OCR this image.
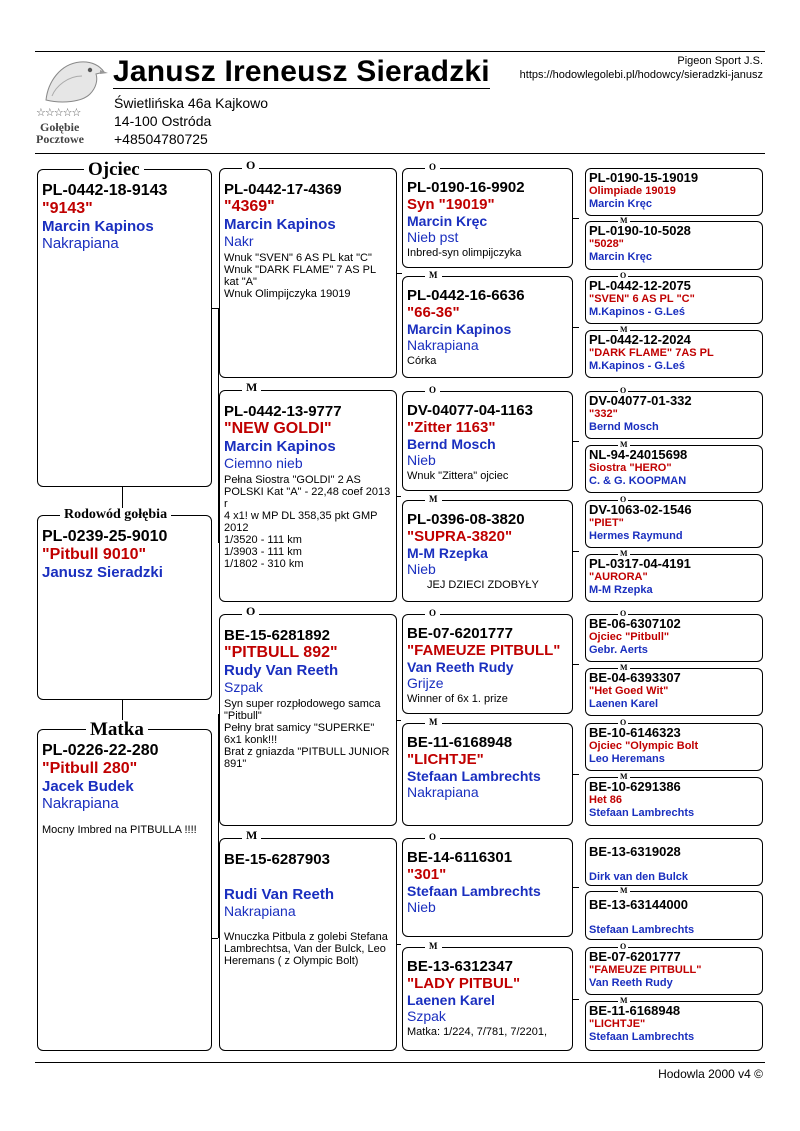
☆☆☆☆☆
Gołębie
Pocztowe
Janusz Ireneusz Sieradzki
Świetlińska 46a Kajkowo
14-100 Ostróda
+48504780725
Pigeon Sport J.S.
https://hodowlegolebi.pl/hodowcy/sieradzki-janusz
Ojciec
PL-0442-18-9143
"9143"
Marcin Kapinos
Nakrapiana
Rodowód gołębia
PL-0239-25-9010
"Pitbull 9010"
Janusz Sieradzki
Matka
PL-0226-22-280
"Pitbull 280"
Jacek Budek
Nakrapiana
Mocny Imbred na PITBULLA !!!!
O
PL-0442-17-4369
"4369"
Marcin Kapinos
Nakr
Wnuk "SVEN" 6 AS PL kat "C"
Wnuk "DARK FLAME" 7 AS PL kat "A"
Wnuk Olimpijczyka 19019
M
PL-0442-13-9777
"NEW GOLDI"
Marcin Kapinos
Ciemno nieb
Pełna Siostra "GOLDI" 2 AS POLSKI Kat "A" - 22,48 coef 2013 r
4 x1! w MP DL 358,35 pkt GMP
2012
1/3520 - 111 km
1/3903 - 111 km
1/1802 - 310 km
O
BE-15-6281892
"PITBULL 892"
Rudy Van Reeth
Szpak
Syn super rozpłodowego samca "Pitbull"
Pełny brat samicy "SUPERKE" 6x1 konk!!!
Brat z gniazda "PITBULL JUNIOR 891"
M
BE-15-6287903
Rudi Van Reeth
Nakrapiana
Wnuczka Pitbula z golebi Stefana Lambrechtsa, Van der Bulck, Leo Heremans ( z Olympic Bolt)
O
PL-0190-16-9902
Syn "19019"
Marcin Kręc
Nieb pst
Inbred-syn olimpijczyka
M
PL-0442-16-6636
"66-36"
Marcin Kapinos
Nakrapiana
Córka
O
DV-04077-04-1163
"Zitter 1163"
Bernd Mosch
Nieb
Wnuk "Zittera" ojciec
M
PL-0396-08-3820
"SUPRA-3820"
M-M Rzepka
Nieb
JEJ DZIECI ZDOBYŁY
O
BE-07-6201777
"FAMEUZE PITBULL"
Van Reeth Rudy
Grijze
Winner of 6x 1. prize
M
BE-11-6168948
"LICHTJE"
Stefaan Lambrechts
Nakrapiana
O
BE-14-6116301
"301"
Stefaan Lambrechts
Nieb
M
BE-13-6312347
"LADY PITBUL"
Laenen Karel
Szpak
Matka: 1/224, 7/781, 7/2201,
PL-0190-15-19019
Olimpiade 19019
Marcin Kręc
M
PL-0190-10-5028
"5028"
Marcin Kręc
O
PL-0442-12-2075
"SVEN" 6 AS PL "C"
M.Kapinos - G.Leś
M
PL-0442-12-2024
"DARK FLAME" 7AS PL
M.Kapinos - G.Leś
O
DV-04077-01-332
"332"
Bernd Mosch
M
NL-94-24015698
Siostra "HERO"
C. & G. KOOPMAN
O
DV-1063-02-1546
"PIET"
Hermes Raymund
M
PL-0317-04-4191
"AURORA"
M-M Rzepka
O
BE-06-6307102
Ojciec "Pitbull"
Gebr. Aerts
M
BE-04-6393307
"Het Goed Wit"
Laenen Karel
O
BE-10-6146323
Ojciec "Olympic Bolt
Leo Heremans
M
BE-10-6291386
Het 86
Stefaan Lambrechts
BE-13-6319028
Dirk van den Bulck
M
BE-13-63144000
Stefaan Lambrechts
O
BE-07-6201777
"FAMEUZE PITBULL"
Van Reeth Rudy
M
BE-11-6168948
"LICHTJE"
Stefaan Lambrechts
Hodowla 2000 v4 ©
